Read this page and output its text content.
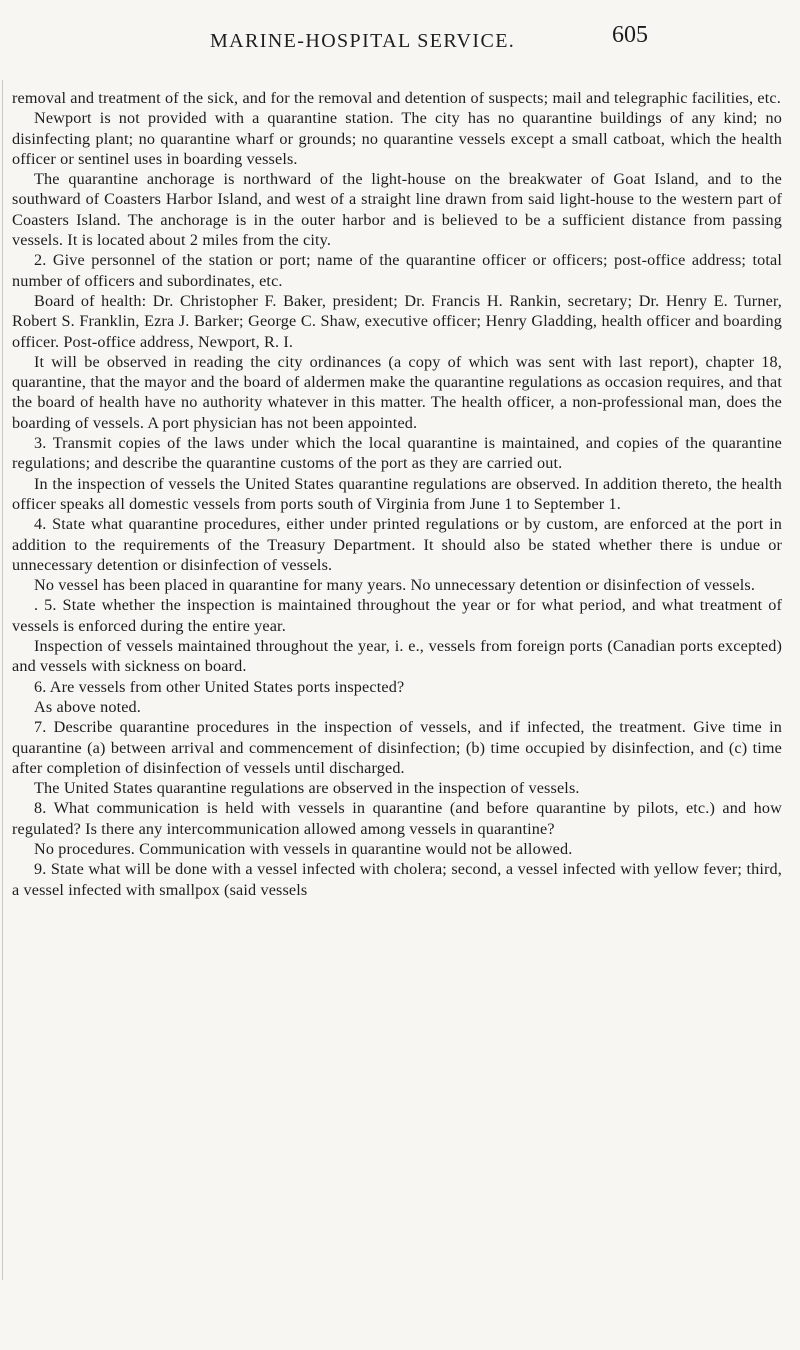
MARINE-HOSPITAL SERVICE.	605

removal and treatment of the sick, and for the removal and detention of suspects; mail and telegraphic facilities, etc.

Newport is not provided with a quarantine station. The city has no quarantine buildings of any kind; no disinfecting plant; no quarantine wharf or grounds; no quarantine vessels except a small catboat, which the health officer or sentinel uses in boarding vessels.

The quarantine anchorage is northward of the light-house on the breakwater of Goat Island, and to the southward of Coasters Harbor Island, and west of a straight line drawn from said light-house to the western part of Coasters Island. The anchorage is in the outer harbor and is believed to be a sufficient distance from passing vessels. It is located about 2 miles from the city.

2. Give personnel of the station or port; name of the quarantine officer or officers; post-office address; total number of officers and subordinates, etc.

Board of health: Dr. Christopher F. Baker, president; Dr. Francis H. Rankin, secretary; Dr. Henry E. Turner, Robert S. Franklin, Ezra J. Barker; George C. Shaw, executive officer; Henry Gladding, health officer and boarding officer. Post-office address, Newport, R. I.

It will be observed in reading the city ordinances (a copy of which was sent with last report), chapter 18, quarantine, that the mayor and the board of aldermen make the quarantine regulations as occasion requires, and that the board of health have no authority whatever in this matter. The health officer, a non-professional man, does the boarding of vessels. A port physician has not been appointed.

3. Transmit copies of the laws under which the local quarantine is maintained, and copies of the quarantine regulations; and describe the quarantine customs of the port as they are carried out.

In the inspection of vessels the United States quarantine regulations are observed. In addition thereto, the health officer speaks all domestic vessels from ports south of Virginia from June 1 to September 1.

4. State what quarantine procedures, either under printed regulations or by custom, are enforced at the port in addition to the requirements of the Treasury Department. It should also be stated whether there is undue or unnecessary detention or disinfection of vessels.

No vessel has been placed in quarantine for many years. No unnecessary detention or disinfection of vessels.

. 5. State whether the inspection is maintained throughout the year or for what period, and what treatment of vessels is enforced during the entire year.

Inspection of vessels maintained throughout the year, i. e., vessels from foreign ports (Canadian ports excepted) and vessels with sickness on board.

6. Are vessels from other United States ports inspected?

As above noted.

7. Describe quarantine procedures in the inspection of vessels, and if infected, the treatment. Give time in quarantine (a) between arrival and commencement of disinfection; (b) time occupied by disinfection, and (c) time after completion of disinfection of vessels until discharged.

The United States quarantine regulations are observed in the inspection of vessels.

8. What communication is held with vessels in quarantine (and before quarantine by pilots, etc.) and how regulated? Is there any intercommunication allowed among vessels in quarantine?

No procedures. Communication with vessels in quarantine would not be allowed.

9. State what will be done with a vessel infected with cholera; second, a vessel infected with yellow fever; third, a vessel infected with smallpox (said vessels
